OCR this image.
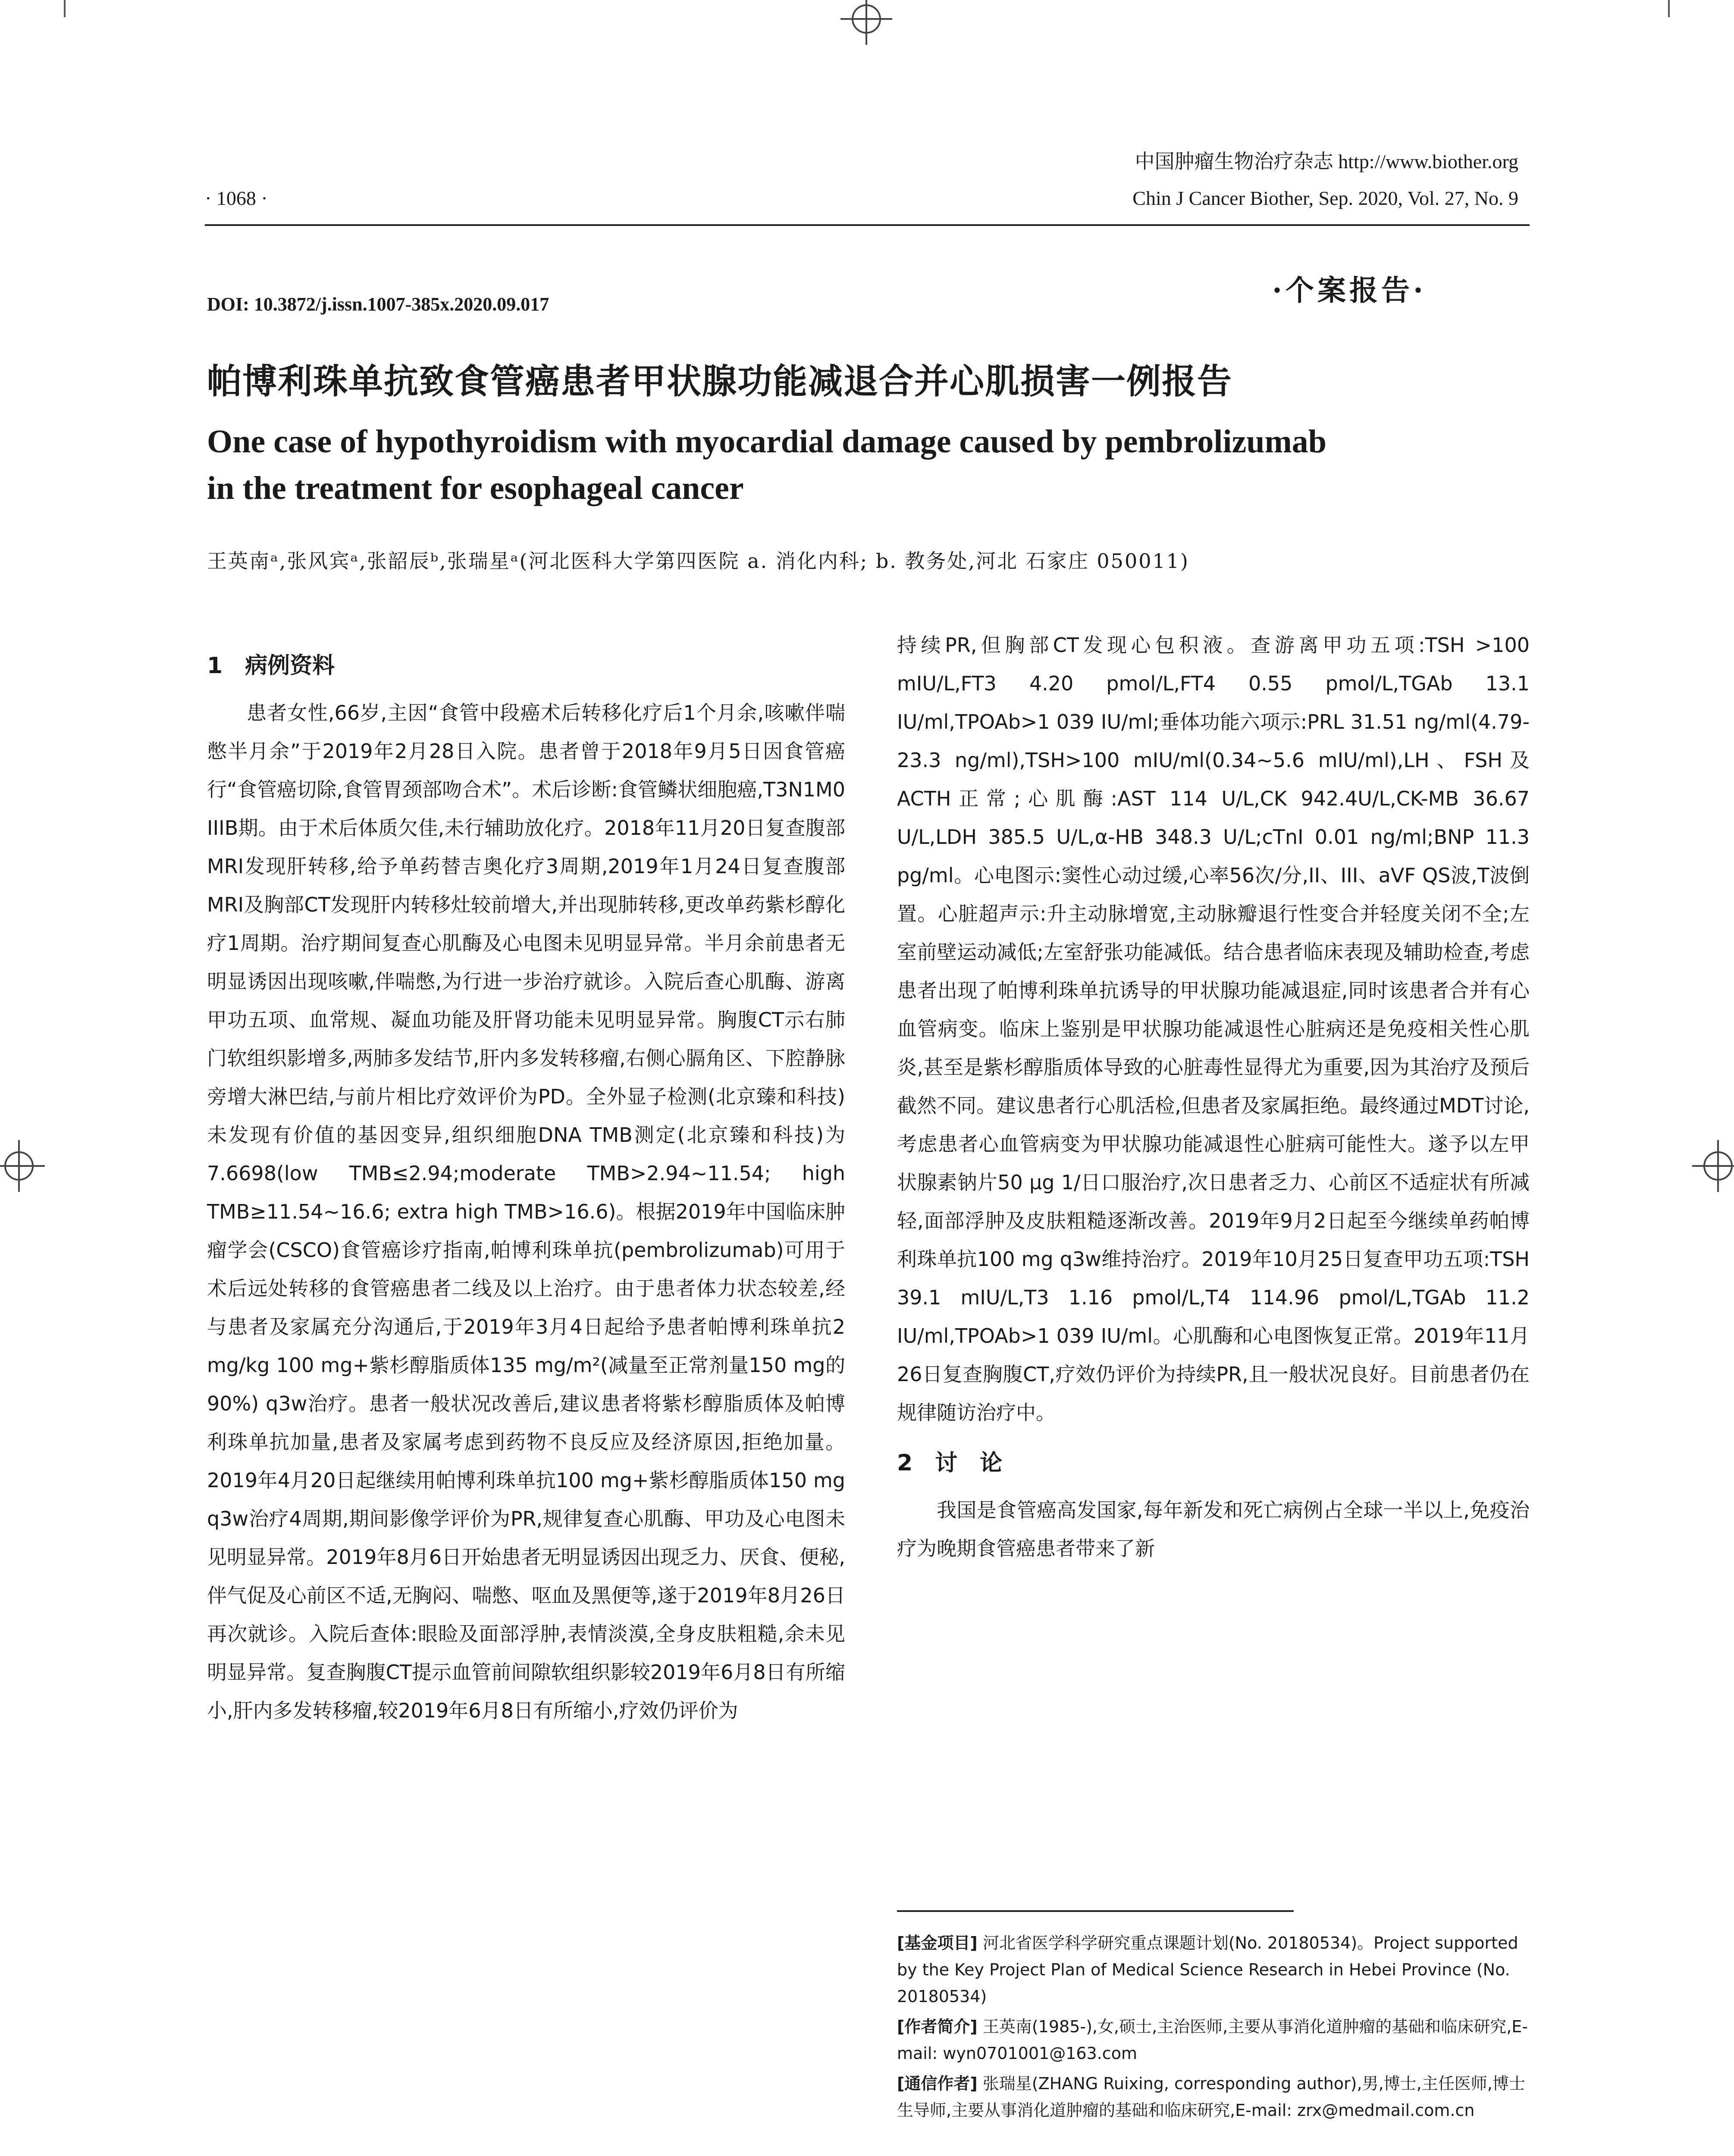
· 1068 ·
中国肿瘤生物治疗杂志 http://www.biother.org
Chin J Cancer Biother, Sep. 2020, Vol. 27, No. 9
DOI: 10.3872/j.issn.1007-385x.2020.09.017	·个案报告·
帕博利珠单抗致食管癌患者甲状腺功能减退合并心肌损害一例报告
One case of hypothyroidism with myocardial damage caused by pembrolizumab
in the treatment for esophageal cancer
王英南ᵃ,张风宾ᵃ,张韶辰ᵇ,张瑞星ᵃ(河北医科大学第四医院 a. 消化内科; b. 教务处,河北 石家庄 050011)
1　病例资料

患者女性,66岁,主因“食管中段癌术后转移化疗后1个月余,咳嗽伴喘憋半月余”于2019年2月28日入院。患者曾于2018年9月5日因食管癌行“食管癌切除,食管胃颈部吻合术”。术后诊断:食管鳞状细胞癌,T3N1M0 IIIB期。由于术后体质欠佳,未行辅助放化疗。2018年11月20日复查腹部MRI发现肝转移,给予单药替吉奥化疗3周期,2019年1月24日复查腹部MRI及胸部CT发现肝内转移灶较前增大,并出现肺转移,更改单药紫杉醇化疗1周期。治疗期间复查心肌酶及心电图未见明显异常。半月余前患者无明显诱因出现咳嗽,伴喘憋,为行进一步治疗就诊。入院后查心肌酶、游离甲功五项、血常规、凝血功能及肝肾功能未见明显异常。胸腹CT示右肺门软组织影增多,两肺多发结节,肝内多发转移瘤,右侧心膈角区、下腔静脉旁增大淋巴结,与前片相比疗效评价为PD。全外显子检测(北京臻和科技)未发现有价值的基因变异,组织细胞DNA TMB测定(北京臻和科技)为7.6698(low TMB≤2.94;moderate TMB>2.94~11.54; high TMB≥11.54~16.6; extra high TMB>16.6)。根据2019年中国临床肿瘤学会(CSCO)食管癌诊疗指南,帕博利珠单抗(pembrolizumab)可用于术后远处转移的食管癌患者二线及以上治疗。由于患者体力状态较差,经与患者及家属充分沟通后,于2019年3月4日起给予患者帕博利珠单抗2 mg/kg 100 mg+紫杉醇脂质体135 mg/m²(减量至正常剂量150 mg的90%) q3w治疗。患者一般状况改善后,建议患者将紫杉醇脂质体及帕博利珠单抗加量,患者及家属考虑到药物不良反应及经济原因,拒绝加量。2019年4月20日起继续用帕博利珠单抗100 mg+紫杉醇脂质体150 mg q3w治疗4周期,期间影像学评价为PR,规律复查心肌酶、甲功及心电图未见明显异常。2019年8月6日开始患者无明显诱因出现乏力、厌食、便秘,伴气促及心前区不适,无胸闷、喘憋、呕血及黑便等,遂于2019年8月26日再次就诊。入院后查体:眼睑及面部浮肿,表情淡漠,全身皮肤粗糙,余未见明显异常。复查胸腹CT提示血管前间隙软组织影较2019年6月8日有所缩小,肝内多发转移瘤,较2019年6月8日有所缩小,疗效仍评价为

持续PR,但胸部CT发现心包积液。查游离甲功五项:TSH >100 mIU/L,FT3 4.20 pmol/L,FT4 0.55 pmol/L,TGAb 13.1 IU/ml,TPOAb>1 039 IU/ml;垂体功能六项示:PRL 31.51 ng/ml(4.79-23.3 ng/ml),TSH>100 mIU/ml(0.34~5.6 mIU/ml),LH、FSH及ACTH正常;心肌酶:AST 114 U/L,CK 942.4U/L,CK-MB 36.67 U/L,LDH 385.5 U/L,α-HB 348.3 U/L;cTnI 0.01 ng/ml;BNP 11.3 pg/ml。心电图示:窦性心动过缓,心率56次/分,II、III、aVF QS波,T波倒置。心脏超声示:升主动脉增宽,主动脉瓣退行性变合并轻度关闭不全;左室前壁运动减低;左室舒张功能减低。结合患者临床表现及辅助检查,考虑患者出现了帕博利珠单抗诱导的甲状腺功能减退症,同时该患者合并有心血管病变。临床上鉴别是甲状腺功能减退性心脏病还是免疫相关性心肌炎,甚至是紫杉醇脂质体导致的心脏毒性显得尤为重要,因为其治疗及预后截然不同。建议患者行心肌活检,但患者及家属拒绝。最终通过MDT讨论,考虑患者心血管病变为甲状腺功能减退性心脏病可能性大。遂予以左甲状腺素钠片50 μg 1/日口服治疗,次日患者乏力、心前区不适症状有所减轻,面部浮肿及皮肤粗糙逐渐改善。2019年9月2日起至今继续单药帕博利珠单抗100 mg q3w维持治疗。2019年10月25日复查甲功五项:TSH 39.1 mIU/L,T3 1.16 pmol/L,T4 114.96 pmol/L,TGAb 11.2 IU/ml,TPOAb>1 039 IU/ml。心肌酶和心电图恢复正常。2019年11月26日复查胸腹CT,疗效仍评价为持续PR,且一般状况良好。目前患者仍在规律随访治疗中。

2　讨　论

我国是食管癌高发国家,每年新发和死亡病例占全球一半以上,免疫治疗为晚期食管癌患者带来了新

[基金项目] 河北省医学科学研究重点课题计划(No. 20180534)。Project supported by the Key Project Plan of Medical Science Research in Hebei Province (No. 20180534)

[作者简介] 王英南(1985-),女,硕士,主治医师,主要从事消化道肿瘤的基础和临床研究,E-mail: wyn0701001@163.com

[通信作者] 张瑞星(ZHANG Ruixing, corresponding author),男,博士,主任医师,博士生导师,主要从事消化道肿瘤的基础和临床研究,E-mail: zrx@medmail.com.cn
